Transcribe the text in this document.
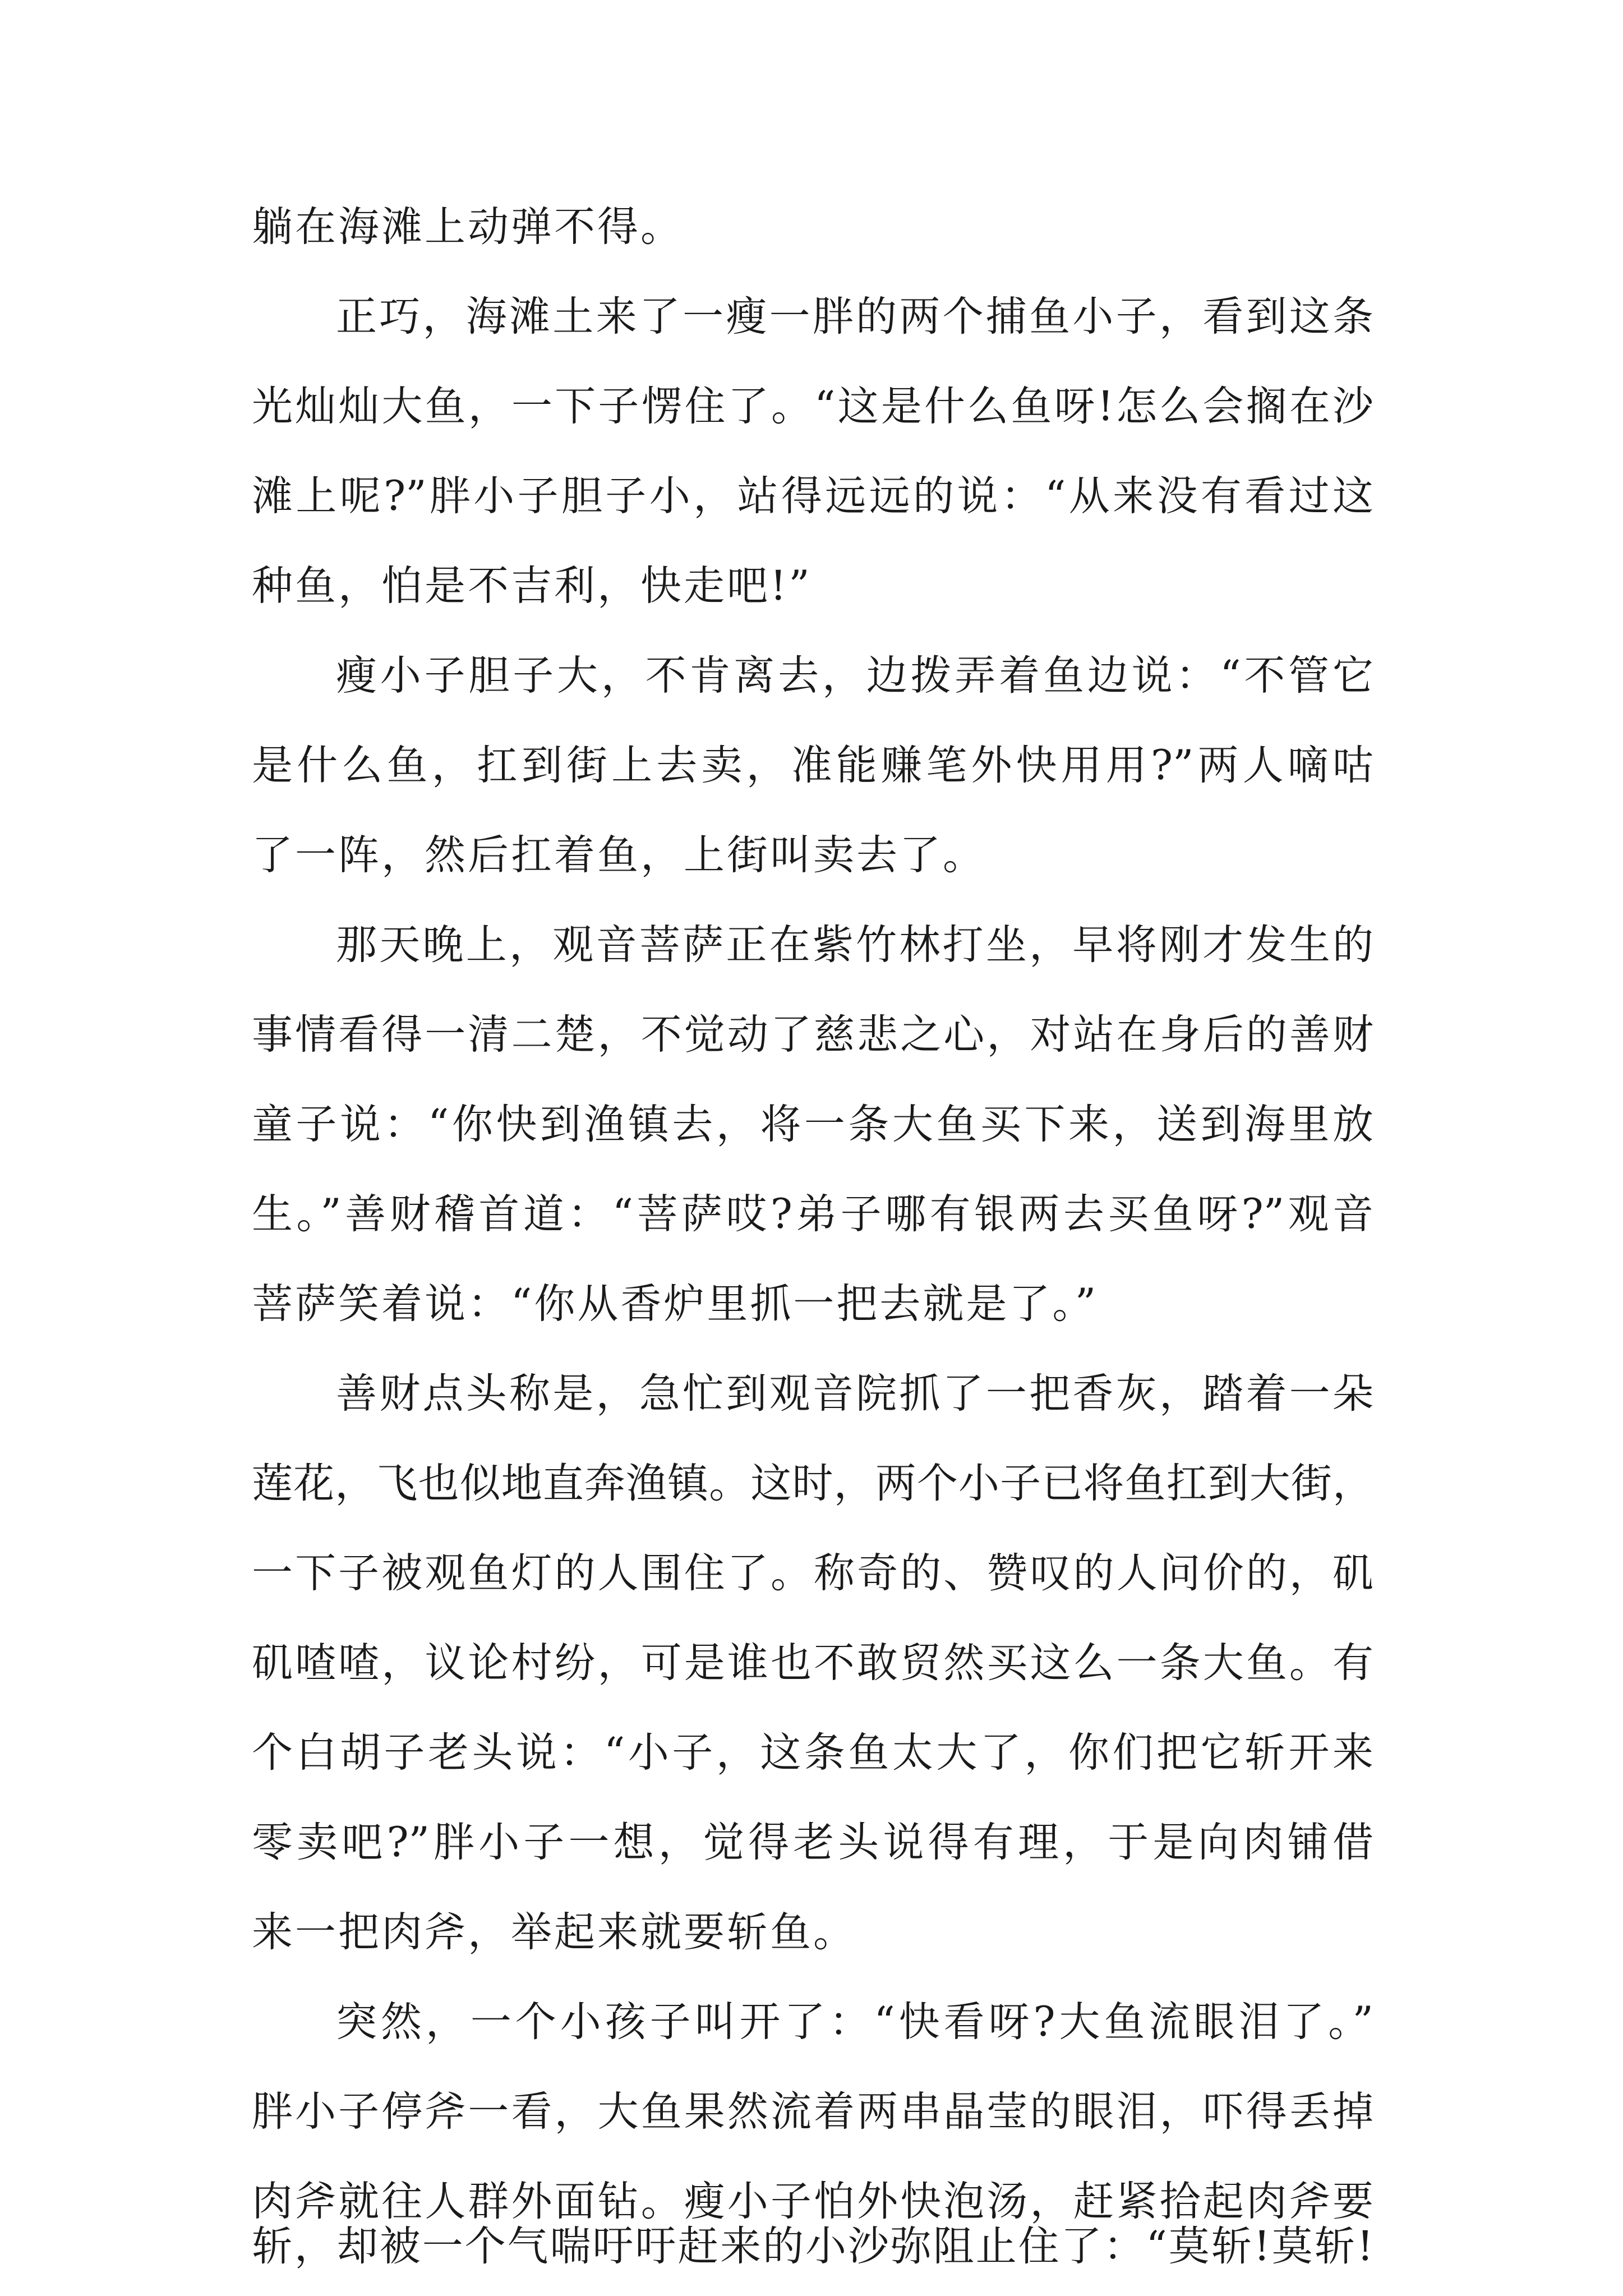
躺在海滩上动弹不得。
正巧，海滩土来了一瘦一胖的两个捕鱼小子，看到这条
光灿灿大鱼，一下子愣住了。“这是什么鱼呀!怎么会搁在沙
滩上呢?”胖小子胆子小，站得远远的说：“从来没有看过这
种鱼，怕是不吉利，快走吧!”
瘦小子胆子大，不肯离去，边拨弄着鱼边说：“不管它
是什么鱼，扛到街上去卖，准能赚笔外快用用?”两人嘀咕
了一阵，然后扛着鱼，上街叫卖去了。
那天晚上，观音菩萨正在紫竹林打坐，早将刚才发生的
事情看得一清二楚，不觉动了慈悲之心，对站在身后的善财
童子说：“你快到渔镇去，将一条大鱼买下来，送到海里放
生。”善财稽首道：“菩萨哎?弟子哪有银两去买鱼呀?”观音
菩萨笑着说：“你从香炉里抓一把去就是了。”
善财点头称是，急忙到观音院抓了一把香灰，踏着一朵
莲花，飞也似地直奔渔镇。这时，两个小子已将鱼扛到大街，
一下子被观鱼灯的人围住了。称奇的、赞叹的人问价的，矶
矶喳喳，议论村纷，可是谁也不敢贸然买这么一条大鱼。有
个白胡子老头说：“小子，这条鱼太大了，你们把它斩开来
零卖吧?”胖小子一想，觉得老头说得有理，于是向肉铺借
来一把肉斧，举起来就要斩鱼。
突然，一个小孩子叫开了：“快看呀?大鱼流眼泪了。”
胖小子停斧一看，大鱼果然流着两串晶莹的眼泪，吓得丢掉
肉斧就往人群外面钻。瘦小子怕外快泡汤，赶紧拾起肉斧要
斩，却被一个气喘吁吁赶来的小沙弥阻止住了：“莫斩!莫斩!
